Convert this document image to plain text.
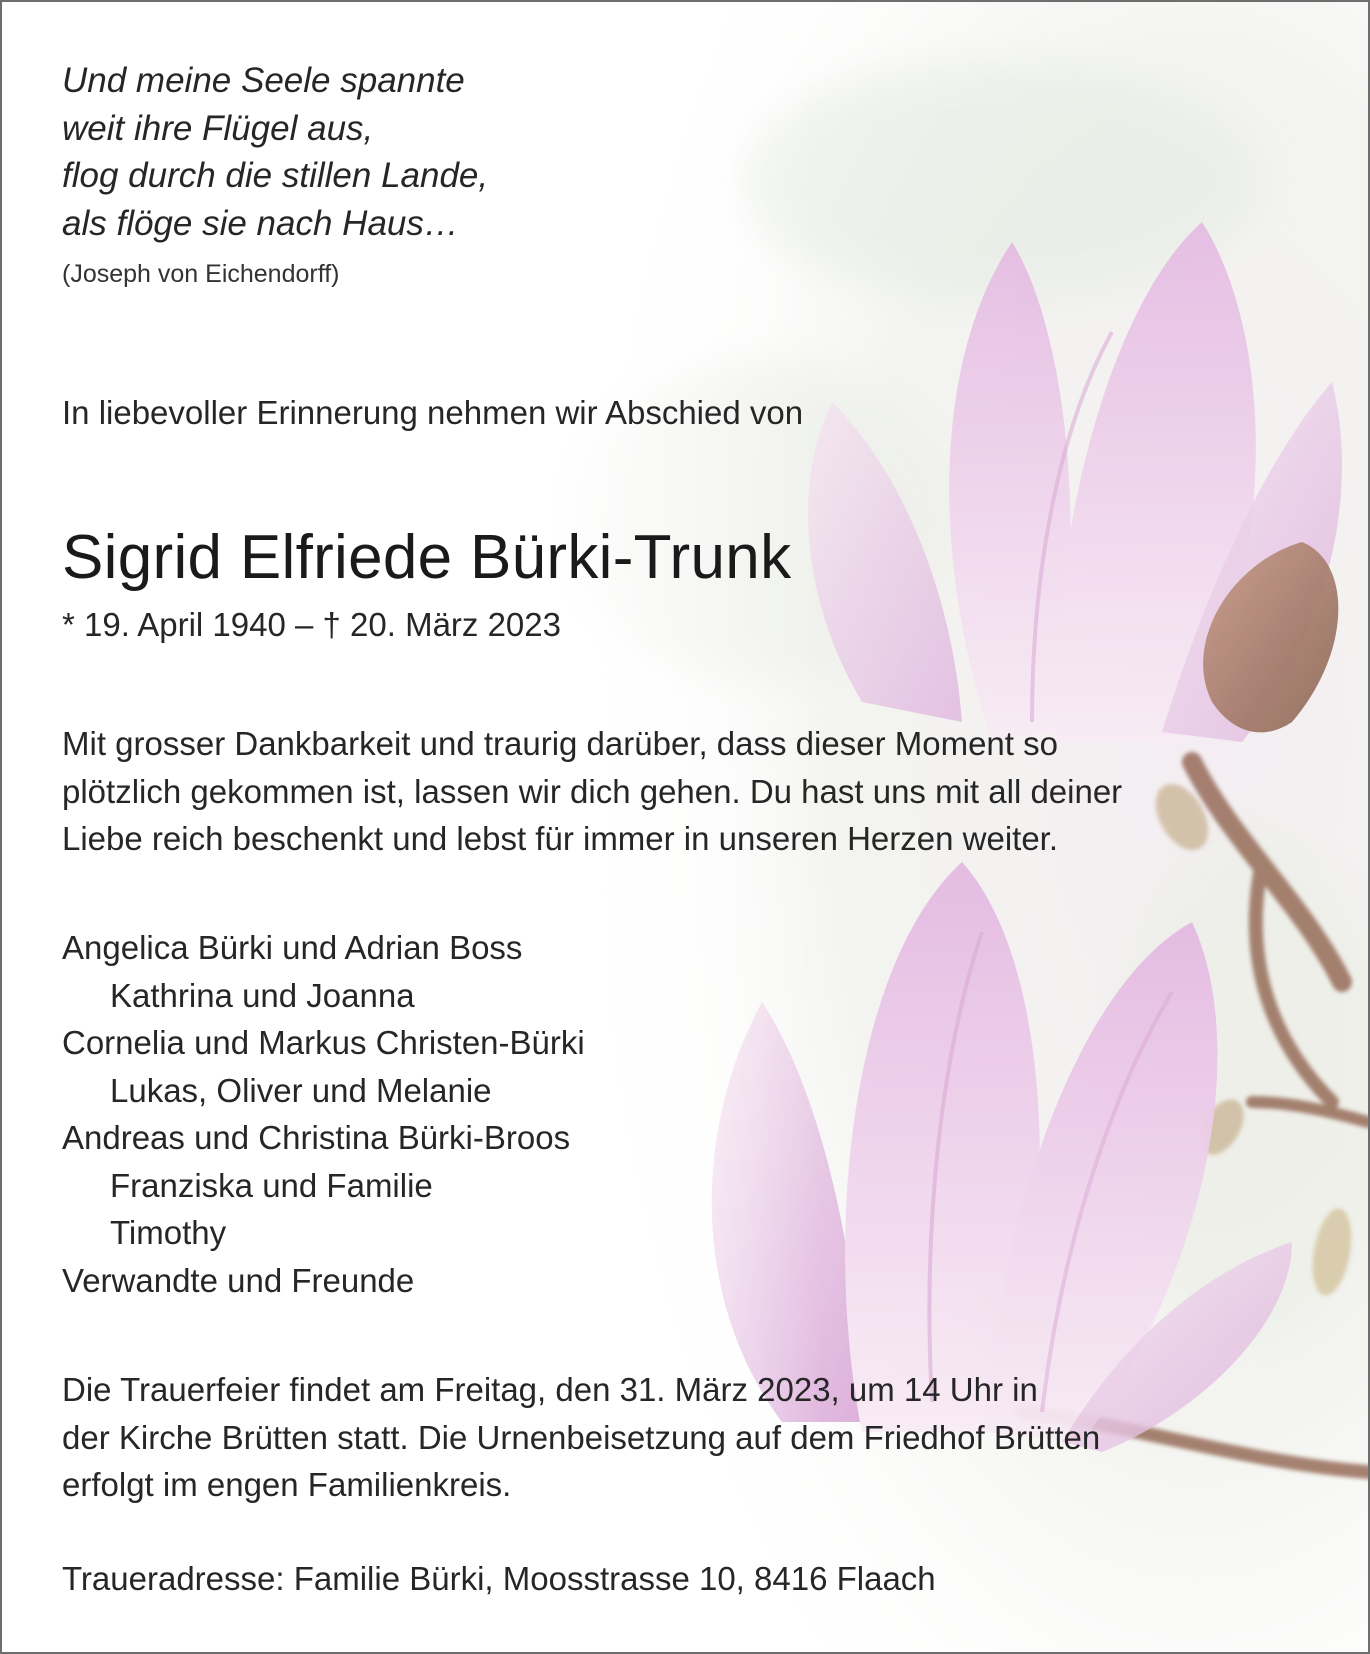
Und meine Seele spannte
weit ihre Flügel aus,
flog durch die stillen Lande,
als flöge sie nach Haus…
(Joseph von Eichendorff)
In liebevoller Erinnerung nehmen wir Abschied von
Sigrid Elfriede Bürki-Trunk
* 19. April 1940 – † 20. März 2023
Mit grosser Dankbarkeit und traurig darüber, dass dieser Moment so
plötzlich gekommen ist, lassen wir dich gehen. Du hast uns mit all deiner
Liebe reich beschenkt und lebst für immer in unseren Herzen weiter.
Angelica Bürki und Adrian Boss
Kathrina und Joanna
Cornelia und Markus Christen-Bürki
Lukas, Oliver und Melanie
Andreas und Christina Bürki-Broos
Franziska und Familie
Timothy
Verwandte und Freunde
Die Trauerfeier findet am Freitag, den 31. März 2023, um 14 Uhr in
der Kirche Brütten statt. Die Urnenbeisetzung auf dem Friedhof Brütten
erfolgt im engen Familienkreis.
Traueradresse: Familie Bürki, Moosstrasse 10, 8416 Flaach
